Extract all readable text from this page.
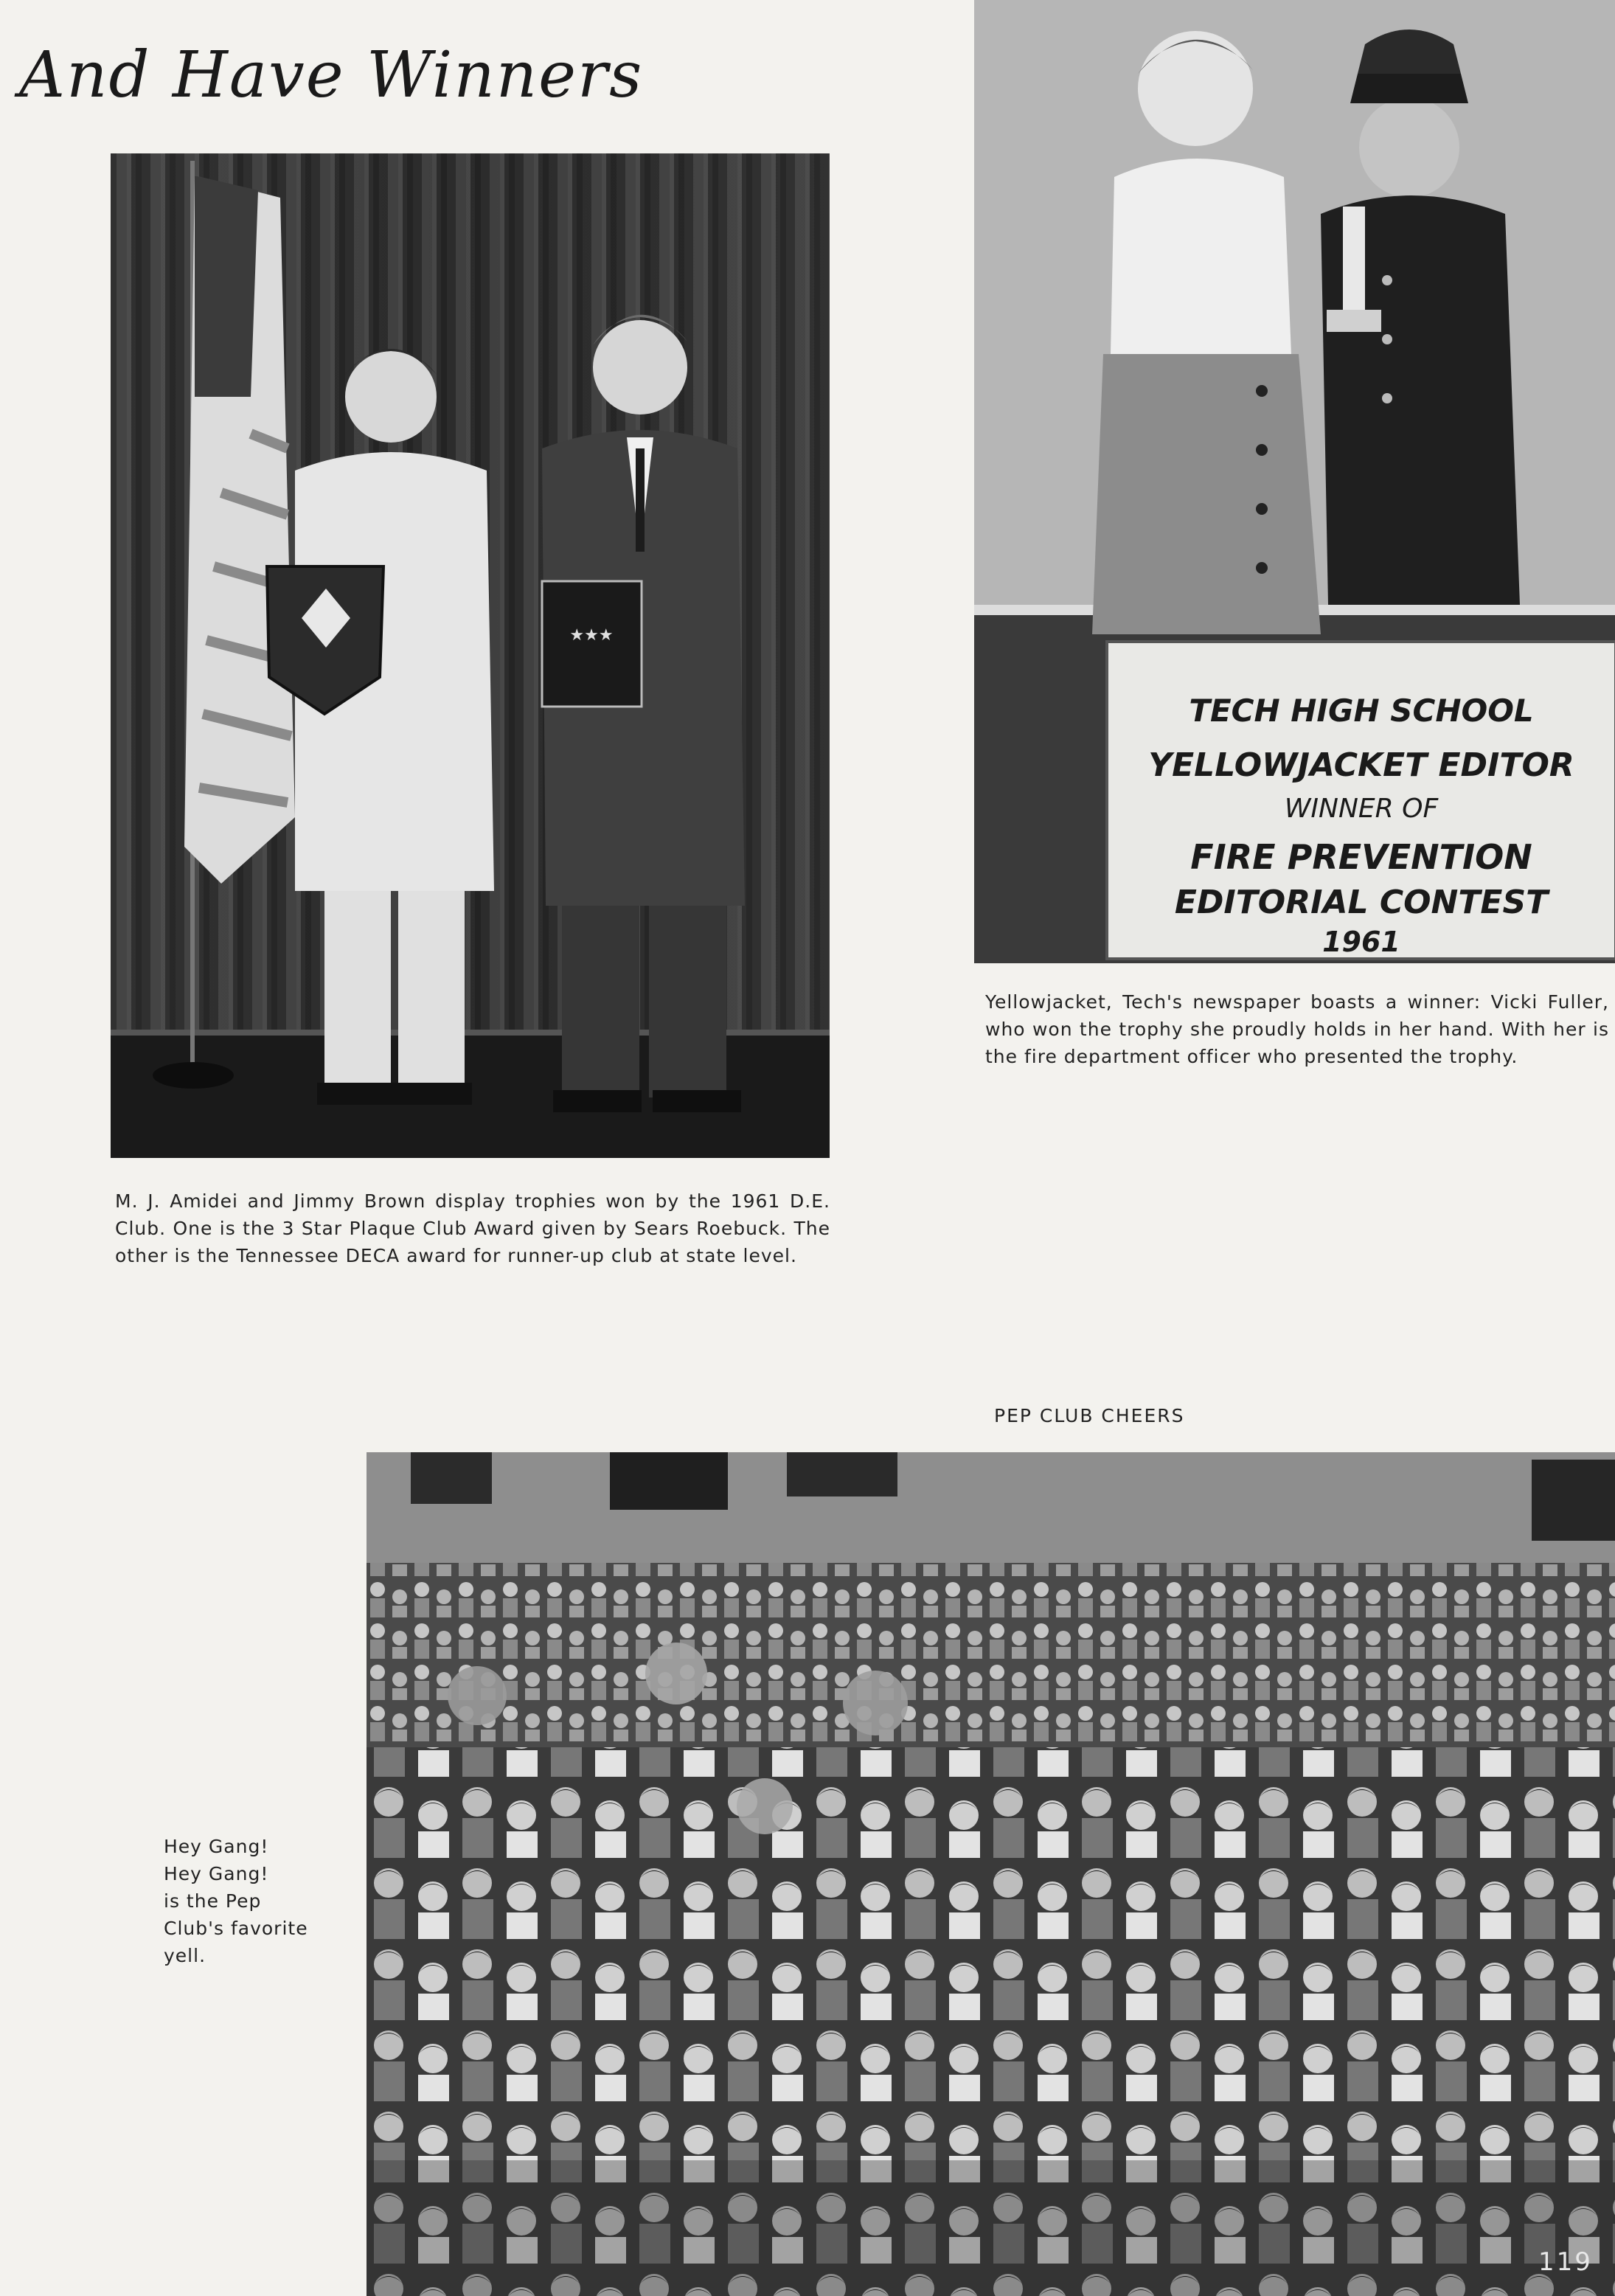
And Have Winners
★★★
TECH HIGH SCHOOL
YELLOWJACKET EDITOR
WINNER OF
FIRE PREVENTION
EDITORIAL CONTEST
1961
Yellowjacket, Tech's newspaper boasts a winner: Vicki Fuller, who won the trophy she proudly holds in her hand. With her is the fire department officer who presented the trophy.
M. J. Amidei and Jimmy Brown display trophies won by the 1961 D.E. Club. One is the 3 Star Plaque Club Award given by Sears Roebuck. The other is the Tennessee DECA award for runner-up club at state level.
PEP CLUB CHEERS
Hey Gang!
Hey Gang!
is the Pep
Club's favorite
yell.
119
